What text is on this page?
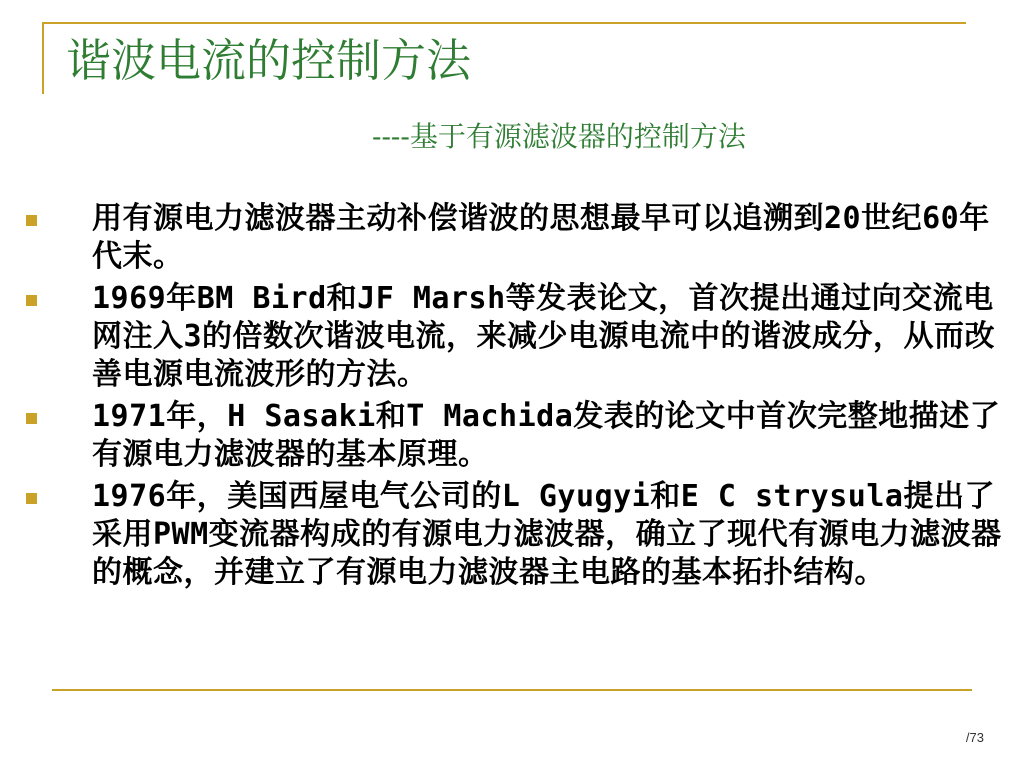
谐波电流的控制方法
----基于有源滤波器的控制方法
用有源电力滤波器主动补偿谐波的思想最早可以追溯到20世纪60年代末。
1969年BM Bird和JF Marsh等发表论文，首次提出通过向交流电网注入3的倍数次谐波电流，来减少电源电流中的谐波成分，从而改善电源电流波形的方法。
1971年，H Sasaki和T Machida发表的论文中首次完整地描述了有源电力滤波器的基本原理。
1976年，美国西屋电气公司的L Gyugyi和E C strysula提出了采用PWM变流器构成的有源电力滤波器，确立了现代有源电力滤波器的概念，并建立了有源电力滤波器主电路的基本拓扑结构。
/73
